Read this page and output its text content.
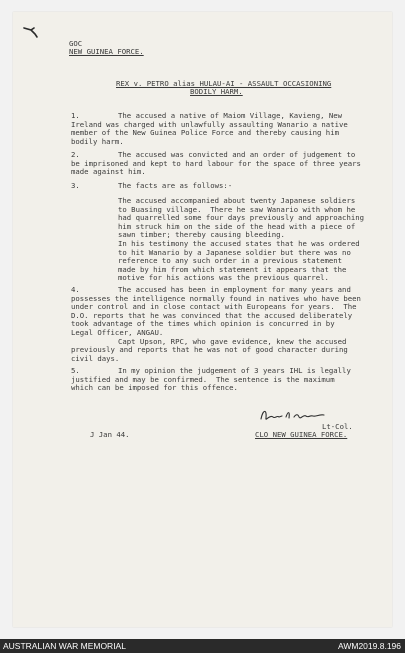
GOC
NEW GUINEA FORCE.
REX v. PETRO alias HULAU-AI - ASSAULT OCCASIONING
BODILY HARM.
1.	The accused a native of Maiom Village, Kavieng, New
Ireland was charged with unlawfully assaulting Wanario a native
member of the New Guinea Police Force and thereby causing him
bodily harm.
2.	The accused was convicted and an order of judgement to
be imprisoned and kept to hard labour for the space of three years
made against him.
3.	The facts are as follows:-
The accused accompanied about twenty Japanese soldiers
to Buasing village.  There he saw Wanario with whom he
had quarrelled some four days previously and approaching
him struck him on the side of the head with a piece of
sawn timber; thereby causing bleeding.
In his testimony the accused states that he was ordered
to hit Wanario by a Japanese soldier but there was no
reference to any such order in a previous statement
made by him from which statement it appears that the
motive for his actions was the previous quarrel.
4.	The accused has been in employment for many years and
possesses the intelligence normally found in natives who have been
under control and in close contact with Europeans for years.  The
D.O. reports that he was convinced that the accused deliberately
took advantage of the times which opinion is concurred in by
Legal Officer, ANGAU.
Capt Upson, RPC, who gave evidence, knew the accused
previously and reports that he was not of good character during
civil days.
5.	In my opinion the judgement of 3 years IHL is legally
justified and may be confirmed.  The sentence is the maximum
which can be imposed for this offence.
Lt-Col.
CLO NEW GUINEA FORCE.
J Jan 44.
AUSTRALIAN WAR MEMORIAL	AWM2019.8.196
